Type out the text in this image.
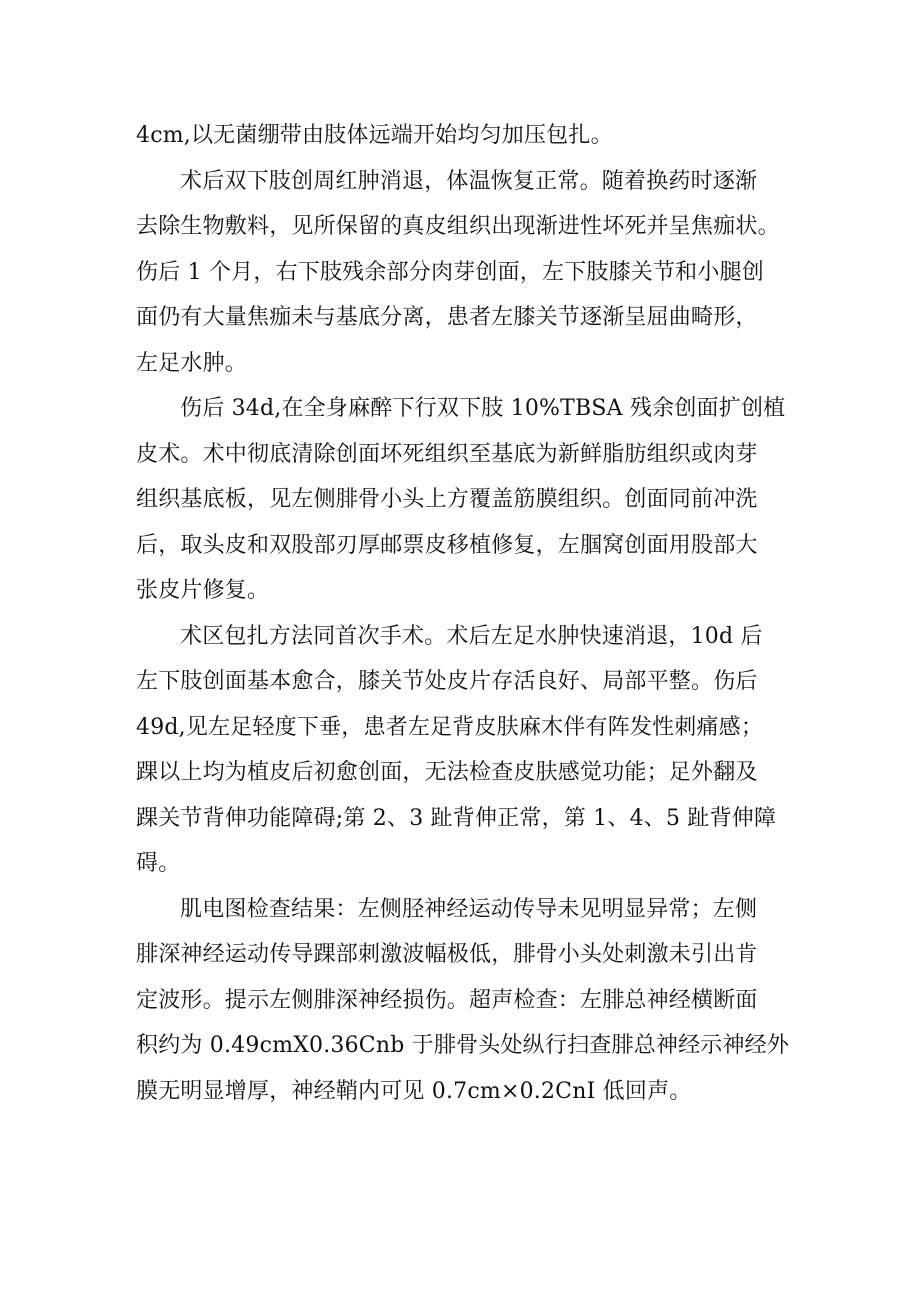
4cm,以无菌绷带由肢体远端开始均匀加压包扎。
术后双下肢创周红肿消退，体温恢复正常。随着换药时逐渐
去除生物敷料，见所保留的真皮组织出现渐进性坏死并呈焦痂状。
伤后 1 个月，右下肢残余部分肉芽创面，左下肢膝关节和小腿创
面仍有大量焦痂未与基底分离，患者左膝关节逐渐呈屈曲畸形，
左足水肿。
伤后 34d,在全身麻醉下行双下肢 10%TBSA 残余创面扩创植
皮术。术中彻底清除创面坏死组织至基底为新鲜脂肪组织或肉芽
组织基底板，见左侧腓骨小头上方覆盖筋膜组织。创面同前冲洗
后，取头皮和双股部刃厚邮票皮移植修复，左腘窝创面用股部大
张皮片修复。
术区包扎方法同首次手术。术后左足水肿快速消退，10d 后
左下肢创面基本愈合，膝关节处皮片存活良好、局部平整。伤后
49d,见左足轻度下垂，患者左足背皮肤麻木伴有阵发性刺痛感；
踝以上均为植皮后初愈创面，无法检查皮肤感觉功能；足外翻及
踝关节背伸功能障碍;第 2、3 趾背伸正常，第 1、4、5 趾背伸障
碍。
肌电图检查结果：左侧胫神经运动传导未见明显异常；左侧
腓深神经运动传导踝部刺激波幅极低，腓骨小头处刺激未引出肯
定波形。提示左侧腓深神经损伤。超声检查：左腓总神经横断面
积约为 0.49cmX0.36Cnb 于腓骨头处纵行扫查腓总神经示神经外
膜无明显增厚，神经鞘内可见 0.7cm×0.2CnI 低回声。
